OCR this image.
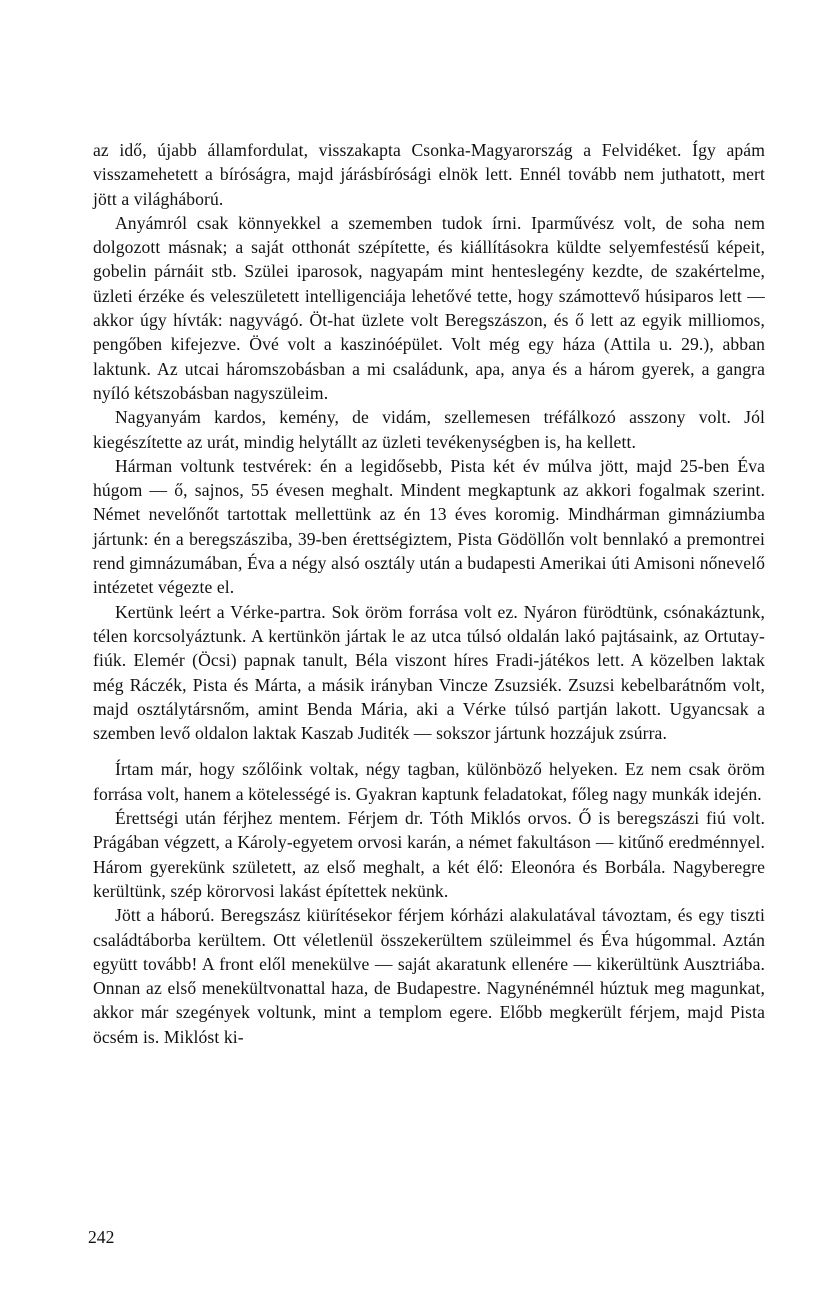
az idő, újabb államfordulat, visszakapta Csonka-Magyarország a Felvidéket. Így apám visszamehetett a bíróságra, majd járásbírósági elnök lett. Ennél tovább nem juthatott, mert jött a világháború.

Anyámról csak könnyekkel a szememben tudok írni. Iparművész volt, de soha nem dolgozott másnak; a saját otthonát szépítette, és kiállításokra küldte selyemfestésű képeit, gobelin párnáit stb. Szülei iparosok, nagyapám mint henteslegény kezdte, de szakértelme, üzleti érzéke és veleszületett intelligenciája lehetővé tette, hogy számottevő húsiparos lett — akkor úgy hívták: nagyvágó. Öt-hat üzlete volt Beregszászon, és ő lett az egyik milliomos, pengőben kifejezve. Övé volt a kaszinóépület. Volt még egy háza (Attila u. 29.), abban laktunk. Az utcai háromszobásban a mi családunk, apa, anya és a három gyerek, a gangra nyíló kétszobásban nagyszüleim.

Nagyanyám kardos, kemény, de vidám, szellemesen tréfálkozó asszony volt. Jól kiegészítette az urát, mindig helytállt az üzleti tevékenységben is, ha kellett.

Hárman voltunk testvérek: én a legidősebb, Pista két év múlva jött, majd 25-ben Éva húgom — ő, sajnos, 55 évesen meghalt. Mindent megkaptunk az akkori fogalmak szerint. Német nevelőnőt tartottak mellettünk az én 13 éves koromig. Mindhárman gimnáziumba jártunk: én a beregszásziba, 39-ben érettségiztem, Pista Gödöllőn volt bennlakó a premontrei rend gimnázumában, Éva a négy alsó osztály után a budapesti Amerikai úti Amisoni nőnevelő intézetet végezte el.

Kertünk leért a Vérke-partra. Sok öröm forrása volt ez. Nyáron fürödtünk, csónakáztunk, télen korcsolyáztunk. A kertünkön jártak le az utca túlsó oldalán lakó pajtásaink, az Ortutay-fiúk. Elemér (Öcsi) papnak tanult, Béla viszont híres Fradi-játékos lett. A közelben laktak még Ráczék, Pista és Márta, a másik irányban Vincze Zsuzsiék. Zsuzsi kebelbarátnőm volt, majd osztálytársnőm, amint Benda Mária, aki a Vérke túlsó partján lakott. Ugyancsak a szemben levő oldalon laktak Kaszab Juditék — sokszor jártunk hozzájuk zsúrra.

Írtam már, hogy szőlőink voltak, négy tagban, különböző helyeken. Ez nem csak öröm forrása volt, hanem a kötelességé is. Gyakran kaptunk feladatokat, főleg nagy munkák idején.

Érettségi után férjhez mentem. Férjem dr. Tóth Miklós orvos. Ő is beregszászi fiú volt. Prágában végzett, a Károly-egyetem orvosi karán, a német fakultáson — kitűnő eredménnyel. Három gyerekünk született, az első meghalt, a két élő: Eleonóra és Borbála. Nagyberegre kerültünk, szép körorvosi lakást építettek nekünk.

Jött a háború. Beregszász kiürítésekor férjem kórházi alakulatával távoztam, és egy tiszti családtáborba kerültem. Ott véletlenül összekerültem szüleimmel és Éva húgommal. Aztán együtt tovább! A front elől menekülve — saját akaratunk ellenére — kikerültünk Ausztriába. Onnan az első menekültvonattal haza, de Budapestre. Nagynénémnél húztuk meg magunkat, akkor már szegények voltunk, mint a templom egere. Előbb megkerült férjem, majd Pista öcsém is. Miklóst ki-

242
